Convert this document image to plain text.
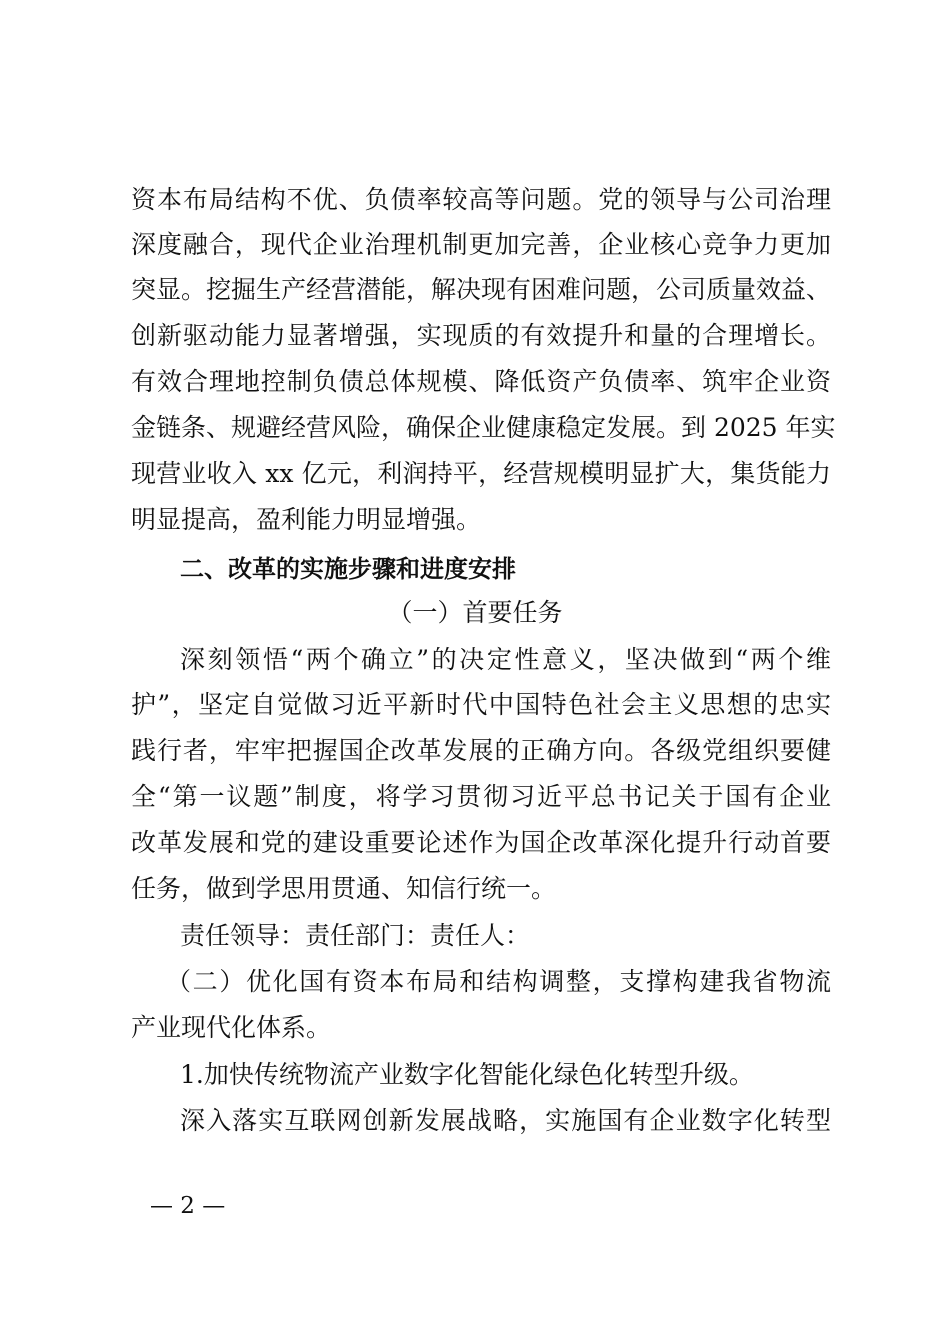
资本布局结构不优、负债率较高等问题。党的领导与公司治理
深度融合，现代企业治理机制更加完善，企业核心竞争力更加
突显。挖掘生产经营潜能，解决现有困难问题，公司质量效益、
创新驱动能力显著增强，实现质的有效提升和量的合理增长。
有效合理地控制负债总体规模、降低资产负债率、筑牢企业资
金链条、规避经营风险，确保企业健康稳定发展。到 2025 年实
现营业收入 xx 亿元，利润持平，经营规模明显扩大，集货能力
明显提高，盈利能力明显增强。
二、改革的实施步骤和进度安排
（一）首要任务
深刻领悟“两个确立”的决定性意义，坚决做到“两个维
护”，坚定自觉做习近平新时代中国特色社会主义思想的忠实
践行者，牢牢把握国企改革发展的正确方向。各级党组织要健
全“第一议题”制度，将学习贯彻习近平总书记关于国有企业
改革发展和党的建设重要论述作为国企改革深化提升行动首要
任务，做到学思用贯通、知信行统一。
责任领导：责任部门：责任人：
（二）优化国有资本布局和结构调整，支撑构建我省物流
产业现代化体系。
1.加快传统物流产业数字化智能化绿色化转型升级。
深入落实互联网创新发展战略，实施国有企业数字化转型
— 2 —
